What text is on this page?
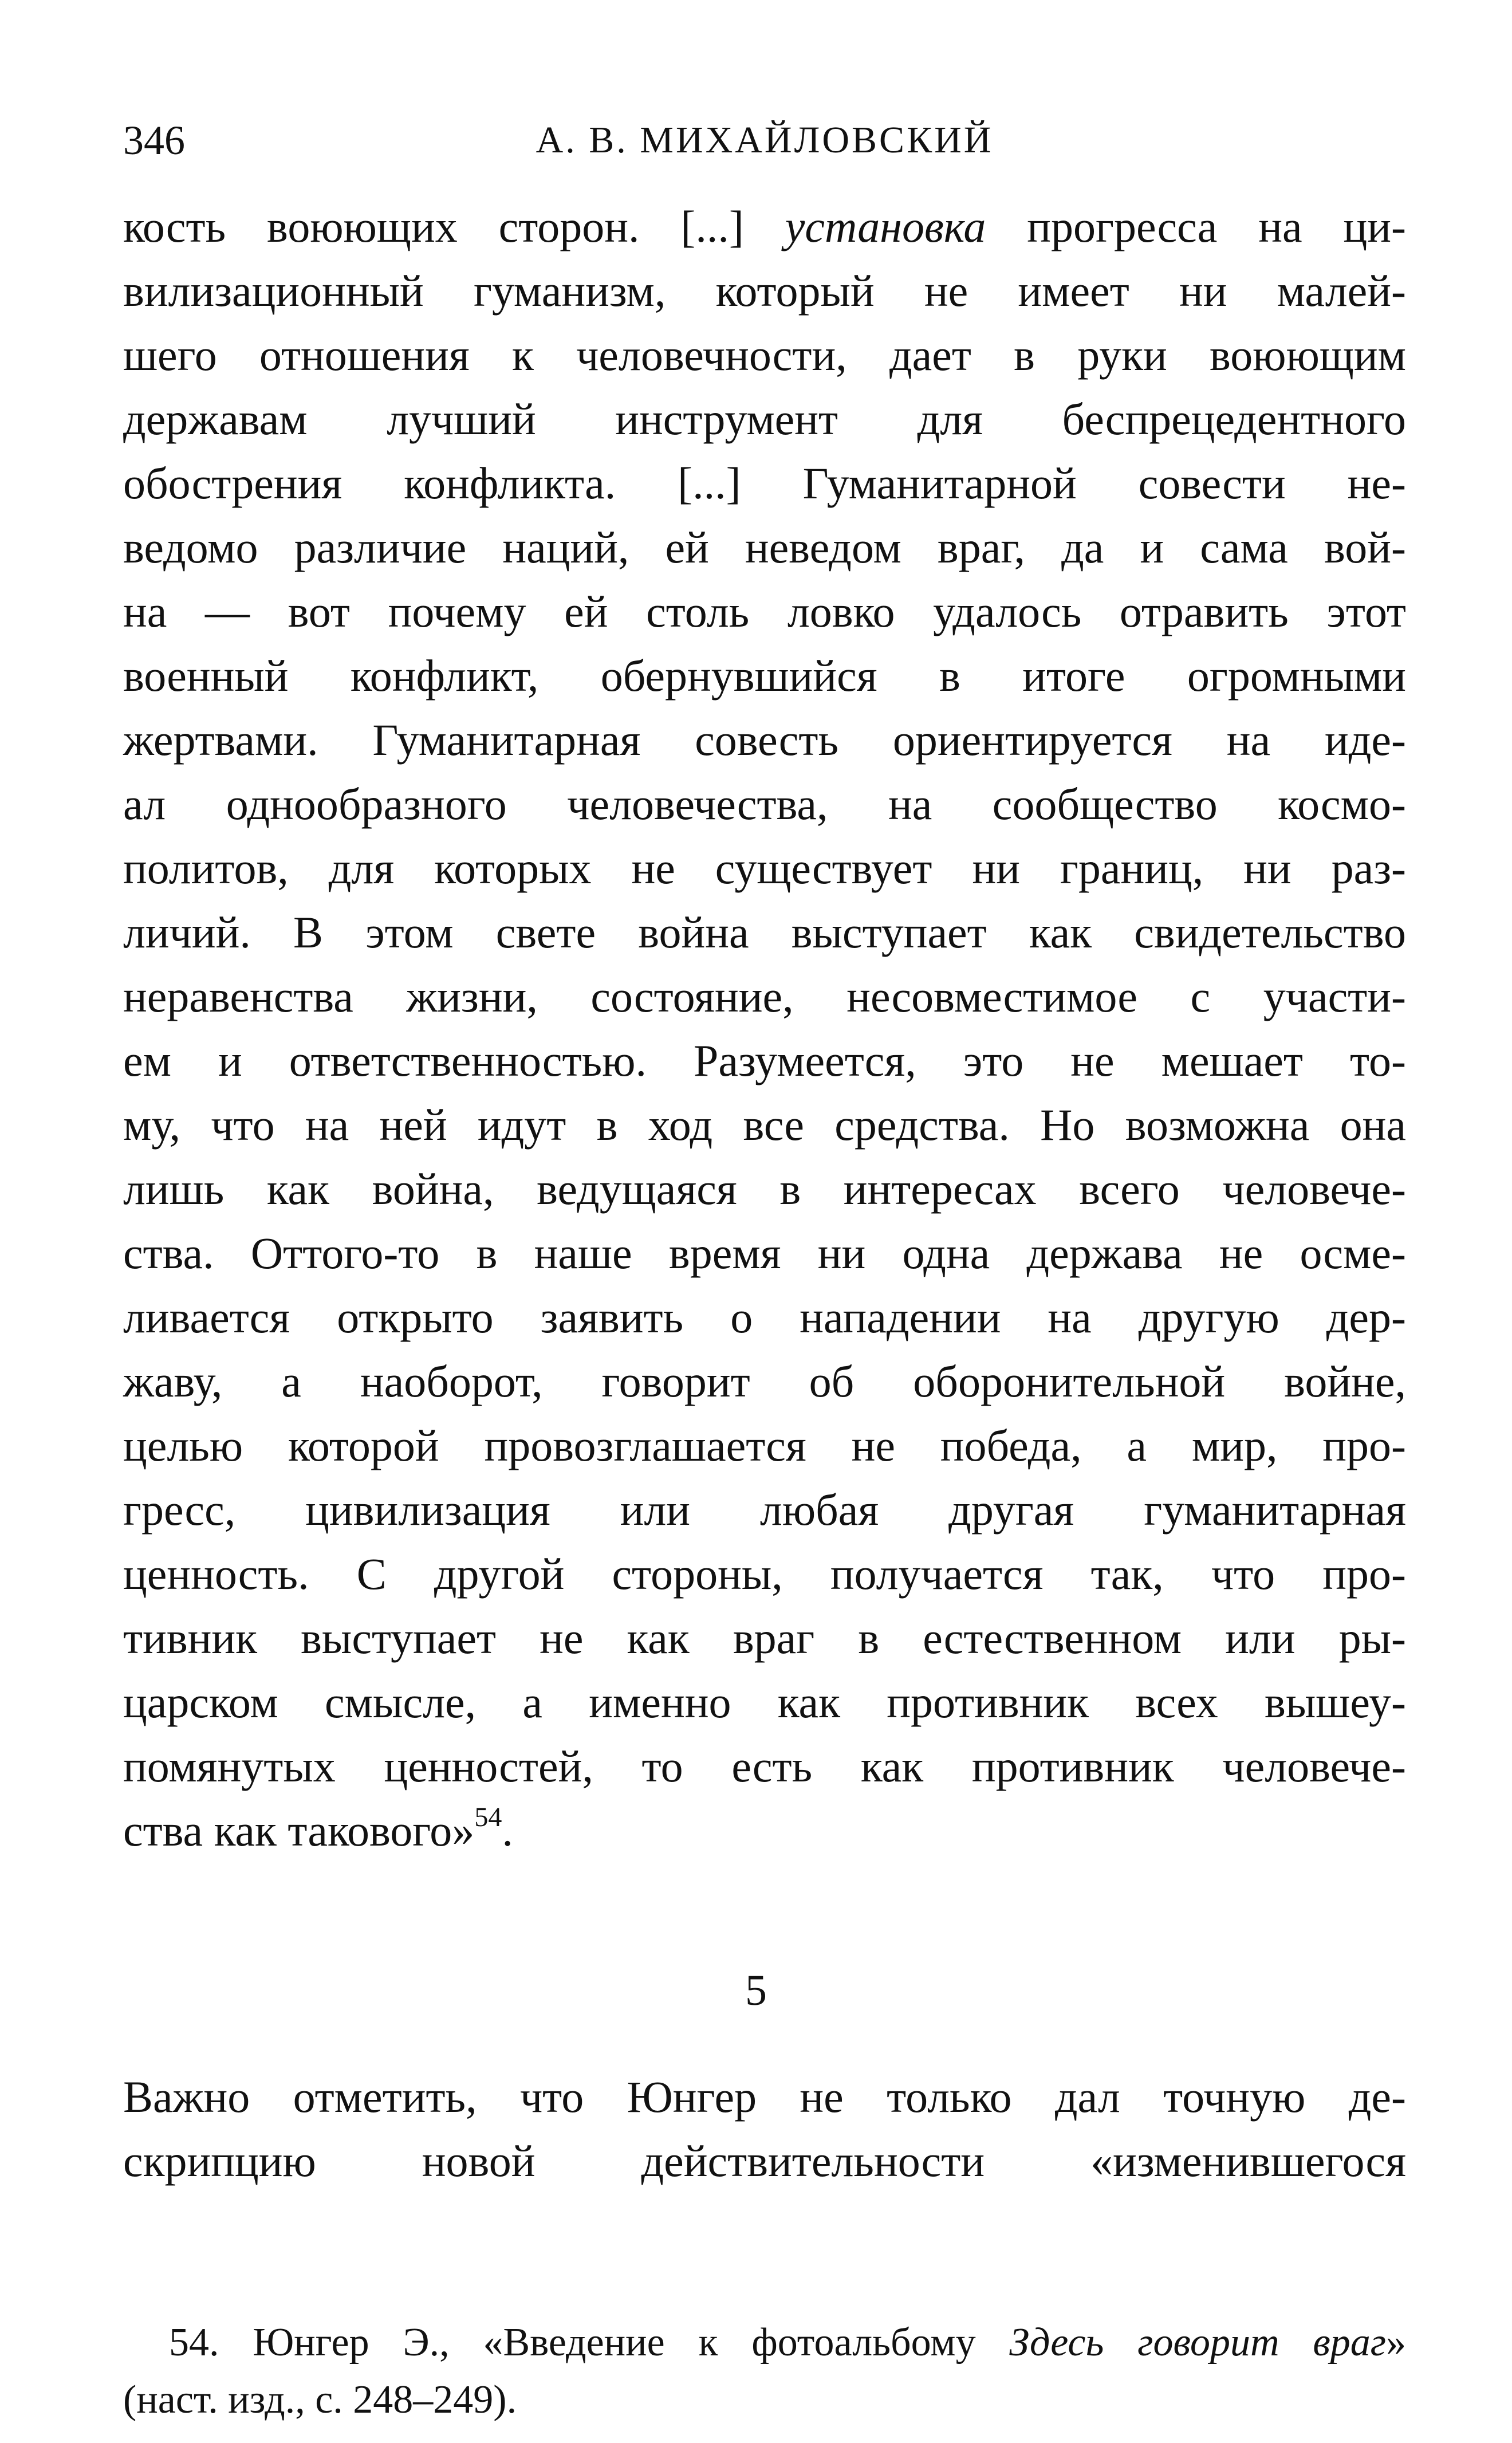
346	А. В. МИХАЙЛОВСКИЙ
кость воюющих сторон. [...] установка прогресса на ци-
вилизационный гуманизм, который не имеет ни малей-
шего отношения к человечности, дает в руки воюющим
державам лучший инструмент для беспрецедентного
обострения конфликта. [...] Гуманитарной совести не-
ведомо различие наций, ей неведом враг, да и сама вой-
на — вот почему ей столь ловко удалось отравить этот
военный конфликт, обернувшийся в итоге огромными
жертвами. Гуманитарная совесть ориентируется на иде-
ал однообразного человечества, на сообщество космо-
политов, для которых не существует ни границ, ни раз-
личий. В этом свете война выступает как свидетельство
неравенства жизни, состояние, несовместимое с участи-
ем и ответственностью. Разумеется, это не мешает то-
му, что на ней идут в ход все средства. Но возможна она
лишь как война, ведущаяся в интересах всего человече-
ства. Оттого-то в наше время ни одна держава не осме-
ливается открыто заявить о нападении на другую дер-
жаву, а наоборот, говорит об оборонительной войне,
целью которой провозглашается не победа, а мир, про-
гресс, цивилизация или любая другая гуманитарная
ценность. С другой стороны, получается так, что про-
тивник выступает не как враг в естественном или ры-
царском смысле, а именно как противник всех вышеу-
помянутых ценностей, то есть как противник человече-
ства как такового»$^{54}$.
5
Важно отметить, что Юнгер не только дал точную де-
скрипцию новой действительности «изменившегося
54. Юнгер Э., «Введение к фотоальбому Здесь говорит враг»
(наст. изд., с. 248–249).
